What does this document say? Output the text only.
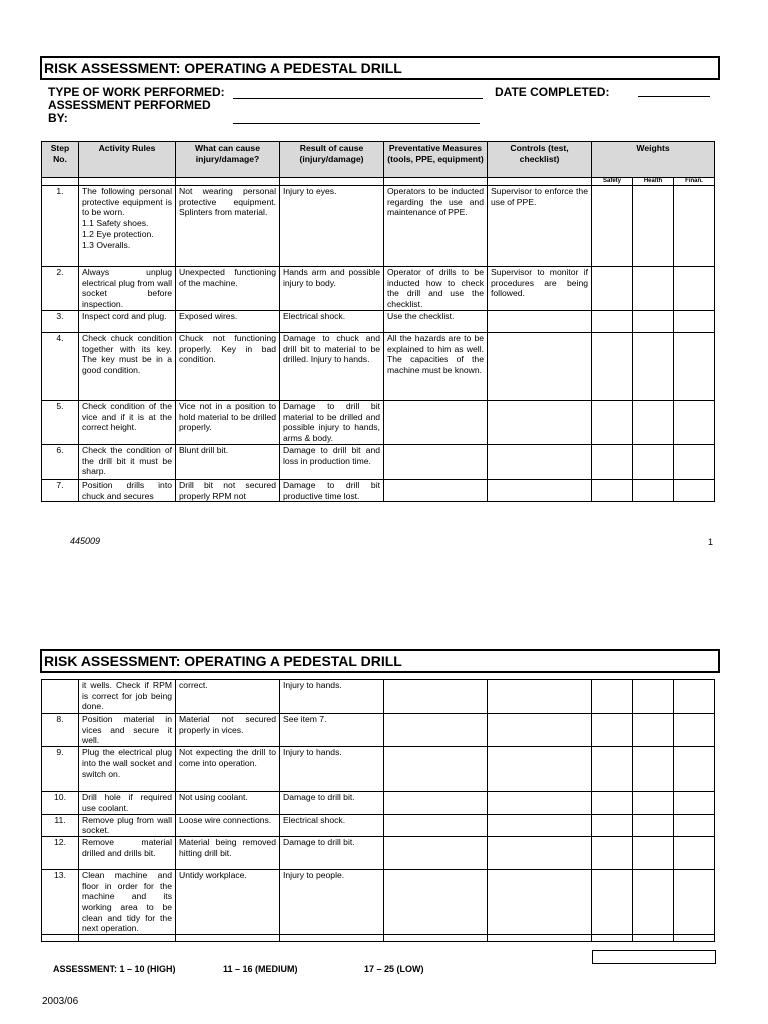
RISK ASSESSMENT: OPERATING A PEDESTAL DRILL
TYPE OF WORK PERFORMED:	DATE COMPLETED:
ASSESSMENT PERFORMED
BY:
Step No.	Activity Rules	What can cause injury/damage?	Result of cause (injury/damage)	Preventative Measures (tools, PPE, equipment)	Controls (test, checklist)	Weights		
						Safety	Health	Finan.

1.	The following personal protective equipment is to be worn.
1.1 Safety shoes.
1.2 Eye protection.
1.3 Overalls.	Not wearing personal protective equipment. Splinters from material.	Injury to eyes.	Operators to be inducted regarding the use and maintenance of PPE.	Supervisor to enforce the use of PPE.			

2.	Always unplug electrical plug from wall socket before inspection.	Unexpected functioning of the machine.	Hands arm and possible injury to body.	Operator of drills to be inducted how to check the drill and use the checklist.	Supervisor to monitor if procedures are being followed.			

3.	Inspect cord and plug.	Exposed wires.	Electrical shock.	Use the checklist.				

4.	Check chuck condition together with its key. The key must be in a good condition.	Chuck not functioning properly. Key in bad condition.	Damage to chuck and drill bit to material to be drilled. Injury to hands.	All the hazards are to be explained to him as well. The capacities of the machine must be known.				

5.	Check condition of the vice and if it is at the correct height.	Vice not in a position to hold material to be drilled properly.	Damage to drill bit material to be drilled and possible injury to hands, arms & body.					

6.	Check the condition of the drill bit it must be sharp.	Blunt drill bit.	Damage to drill bit and loss in production time.					

7.	Position drills into chuck and secures	Drill bit not secured properly RPM not	Damage to drill bit productive time lost.					

445009	1
RISK ASSESSMENT: OPERATING A PEDESTAL DRILL

	it wells. Check if RPM is correct for job being done.	correct.	Injury to hands.					

8.	Position material in vices and secure it well.	Material not secured properly in vices.	See item 7.					

9.	Plug the electrical plug into the wall socket and switch on.	Not expecting the drill to come into operation.	Injury to hands.					

10.	Drill hole if required use coolant.	Not using coolant.	Damage to drill bit.					

11.	Remove plug from wall socket.	Loose wire connections.	Electrical shock.					

12.	Remove material drilled and drills bit.	Material being removed hitting drill bit.	Damage to drill bit.					

13.	Clean machine and floor in order for the machine and its working area to be clean and tidy for the next operation.	Untidy workplace.	Injury to people.					

ASSESSMENT: 1 – 10 (HIGH)	11 – 16 (MEDIUM)	17 – 25 (LOW)
2003/06
